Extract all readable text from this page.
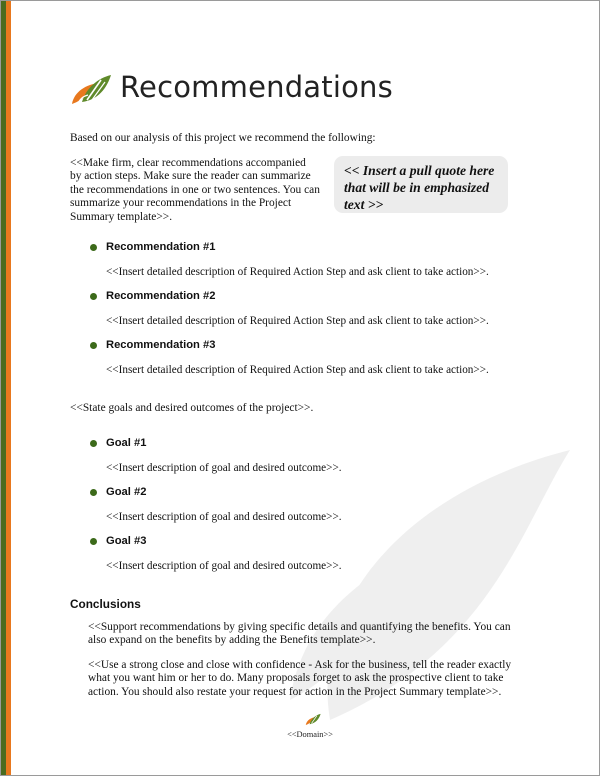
Recommendations

Based on our analysis of this project we recommend the following:

<<Make firm, clear recommendations accompanied by action steps. Make sure the reader can summarize the recommendations in one or two sentences. You can summarize your recommendations in the Project Summary template>>.

<< Insert a pull quote here that will be in emphasized text >>
Recommendation #1
<<Insert detailed description of Required Action Step and ask client to take action>>.
Recommendation #2
<<Insert detailed description of Required Action Step and ask client to take action>>.
Recommendation #3
<<Insert detailed description of Required Action Step and ask client to take action>>.

<<State goals and desired outcomes of the project>>.

Goal #1
<<Insert description of goal and desired outcome>>.
Goal #2
<<Insert description of goal and desired outcome>>.
Goal #3
<<Insert description of goal and desired outcome>>.
Conclusions

<<Support recommendations by giving specific details and quantifying the benefits. You can also expand on the benefits by adding the Benefits template>>.

<<Use a strong close and close with confidence - Ask for the business, tell the reader exactly what you want him or her to do. Many proposals forget to ask the prospective client to take action. You should also restate your request for action in the Project Summary template>>.

<<Domain>>
